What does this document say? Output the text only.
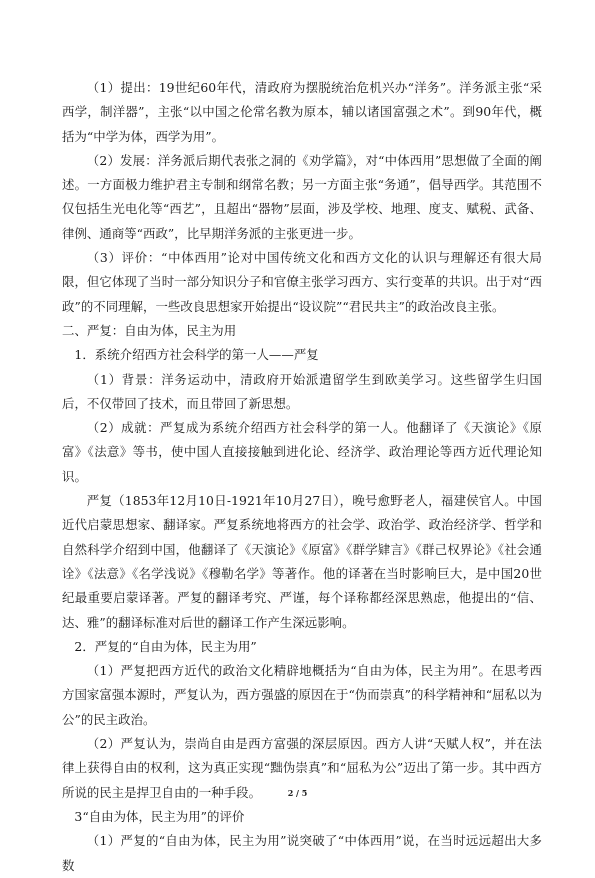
（1）提出：19世纪60年代，清政府为摆脱统治危机兴办“洋务”。洋务派主张“采西学，制洋器”，主张“以中国之伦常名教为原本，辅以诸国富强之术”。到90年代，概括为“中学为体，西学为用”。

（2）发展：洋务派后期代表张之洞的《劝学篇》，对“中体西用”思想做了全面的阐述。一方面极力维护君主专制和纲常名教；另一方面主张“务通”，倡导西学。其范围不仅包括生光电化等“西艺”，且超出“器物”层面，涉及学校、地理、度支、赋税、武备、律例、通商等“西政”，比早期洋务派的主张更进一步。

（3）评价：“中体西用”论对中国传统文化和西方文化的认识与理解还有很大局限，但它体现了当时一部分知识分子和官僚主张学习西方、实行变革的共识。出于对“西政”的不同理解，一些改良思想家开始提出“设议院”“君民共主”的政治改良主张。

二、严复：自由为体，民主为用

1．系统介绍西方社会科学的第一人——严复

（1）背景：洋务运动中，清政府开始派遣留学生到欧美学习。这些留学生归国后，不仅带回了技术，而且带回了新思想。

（2）成就：严复成为系统介绍西方社会科学的第一人。他翻译了《天演论》《原富》《法意》等书，使中国人直接接触到进化论、经济学、政治理论等西方近代理论知识。

严复（1853年12月10日-1921年10月27日），晚号愈野老人，福建侯官人。中国近代启蒙思想家、翻译家。严复系统地将西方的社会学、政治学、政治经济学、哲学和自然科学介绍到中国，他翻译了《天演论》《原富》《群学肄言》《群己权界论》《社会通诠》《法意》《名学浅说》《穆勒名学》等著作。他的译著在当时影响巨大，是中国20世纪最重要启蒙译著。严复的翻译考究、严谨，每个译称都经深思熟虑，他提出的“信、达、雅”的翻译标准对后世的翻译工作产生深远影响。

2．严复的“自由为体，民主为用”

（1）严复把西方近代的政治文化精辟地概括为“自由为体，民主为用”。在思考西方国家富强本源时，严复认为，西方强盛的原因在于“伪而崇真”的科学精神和“屈私以为公”的民主政治。

（2）严复认为，崇尚自由是西方富强的深层原因。西方人讲“天赋人权”，并在法律上获得自由的权利，这为真正实现“黜伪崇真”和“屈私为公”迈出了第一步。其中西方所说的民主是捍卫自由的一种手段。

3“自由为体，民主为用”的评价

（1）严复的“自由为体，民主为用”说突破了“中体西用”说，在当时远远超出大多数

2 / 5
